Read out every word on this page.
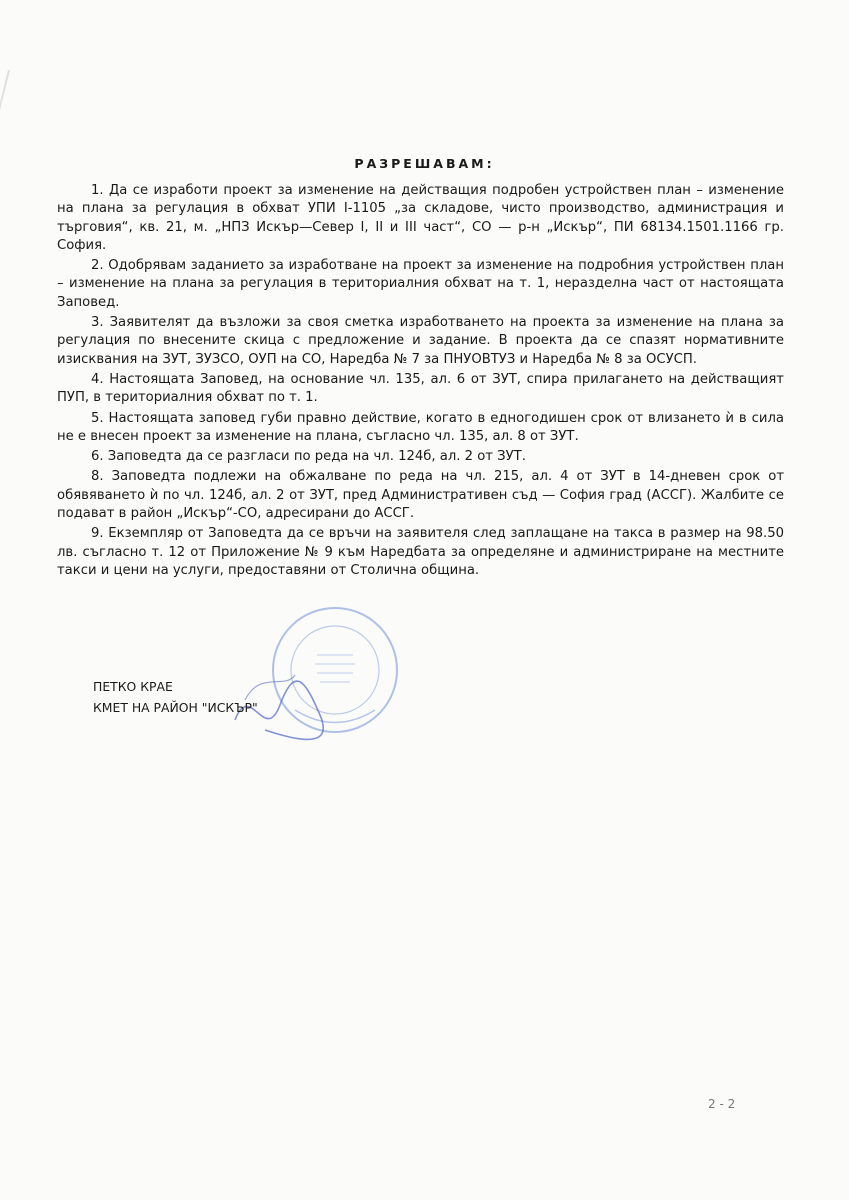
РАЗРЕШАВАМ:

1. Да се изработи проект за изменение на действащия подробен устройствен план – изменение на плана за регулация в обхват УПИ I-1105 „за складове, чисто производство, администрация и търговия“, кв. 21, м. „НПЗ Искър—Север I, II и III част“, СО — р-н „Искър“, ПИ 68134.1501.1166 гр. София.

2. Одобрявам заданието за изработване на проект за изменение на подробния устройствен план – изменение на плана за регулация в териториалния обхват на т. 1, неразделна част от настоящата Заповед.

3. Заявителят да възложи за своя сметка изработването на проекта за изменение на плана за регулация по внесените скица с предложение и задание. В проекта да се спазят нормативните изисквания на ЗУТ, ЗУЗСО, ОУП на СО, Наредба № 7 за ПНУОВТУЗ и Наредба № 8 за ОСУСП.

4. Настоящата Заповед, на основание чл. 135, ал. 6 от ЗУТ, спира прилагането на действащият ПУП, в териториалния обхват по т. 1.

5. Настоящата заповед губи правно действие, когато в едногодишен срок от влизането ѝ в сила не е внесен проект за изменение на плана, съгласно чл. 135, ал. 8 от ЗУТ.

6. Заповедта да се разгласи по реда на чл. 124б, ал. 2 от ЗУТ.

8. Заповедта подлежи на обжалване по реда на чл. 215, ал. 4 от ЗУТ в 14-дневен срок от обявяването ѝ по чл. 124б, ал. 2 от ЗУТ, пред Административен съд — София град (АССГ). Жалбите се подават в район „Искър“-СО, адресирани до АССГ.

9. Екземпляр от Заповедта да се връчи на заявителя след заплащане на такса в размер на 98.50 лв. съгласно т. 12 от Приложение № 9 към Наредбата за определяне и администриране на местните такси и цени на услуги, предоставяни от Столична община.

ПЕТКО КРАЕ
КМЕТ НА РАЙОН "ИСКЪР"
2 - 2
